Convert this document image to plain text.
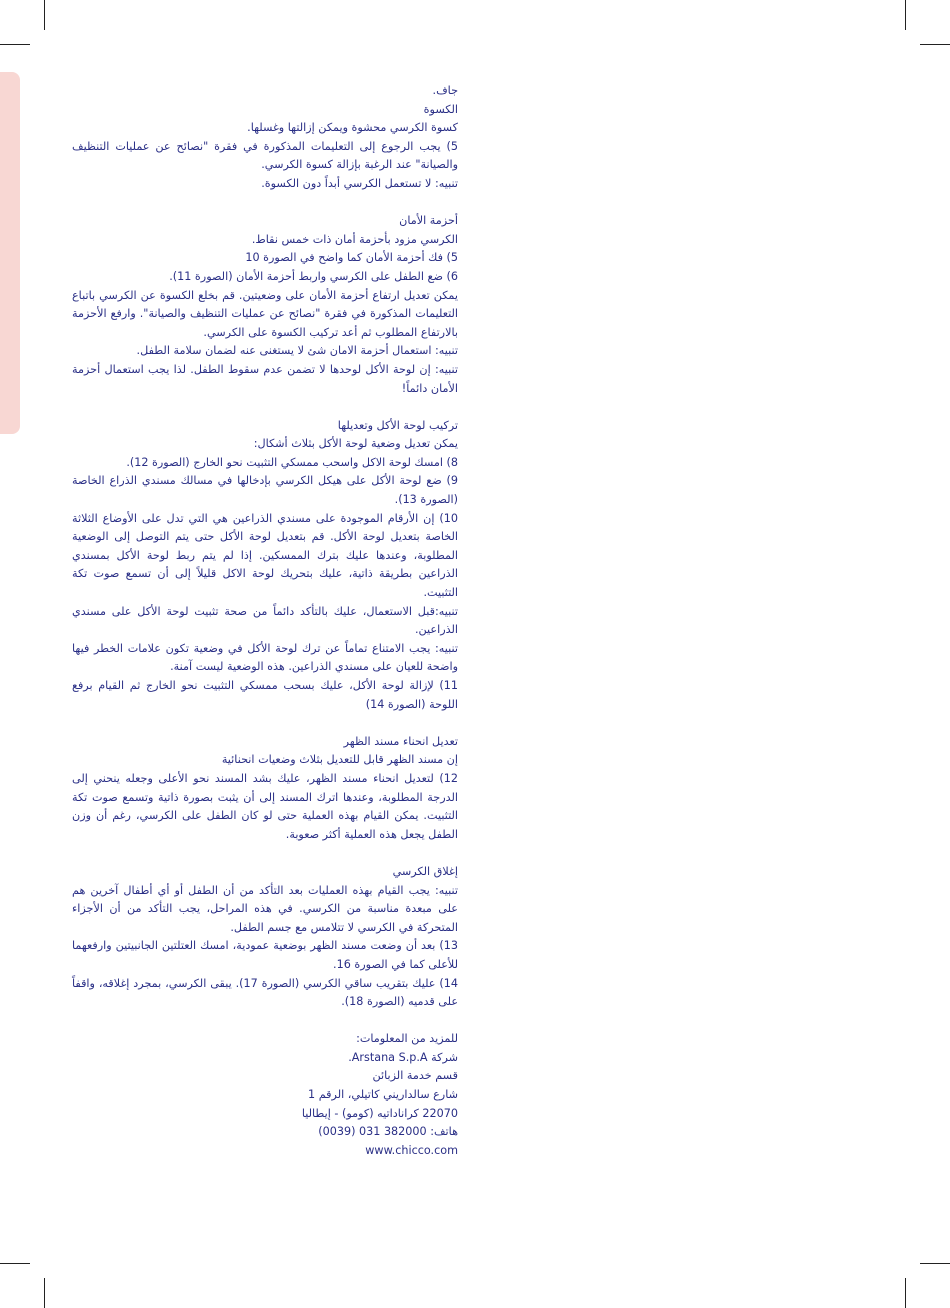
جاف.

الكسوة

كسوة الكرسي محشوة ويمكن إزالتها وغسلها.

5) يجب الرجوع إلى التعليمات المذكورة في فقرة "نصائح عن عمليات التنظيف والصيانة" عند الرغبة بإزالة كسوة الكرسي.

تنبيه: لا تستعمل الكرسي أبداً دون الكسوة.

أحزمة الأمان

الكرسي مزود بأحزمة أمان ذات خمس نقاط.

5) فك أحزمة الأمان كما واضح في الصورة 10

6) ضع الطفل على الكرسي واربط أحزمة الأمان (الصورة 11).

يمكن تعديل ارتفاع أحزمة الأمان على وضعيتين. قم بخلع الكسوة عن الكرسي باتباع التعليمات المذكورة في فقرة "نصائح عن عمليات التنظيف والصيانة". وارفع الأحزمة بالارتفاع المطلوب ثم أعد تركيب الكسوة على الكرسي.

تنبيه: استعمال أحزمة الامان شئ لا يستغنى عنه لضمان سلامة الطفل.

تنبيه: إن لوحة الأكل لوحدها لا تضمن عدم سقوط الطفل. لذا يجب استعمال أحزمة الأمان دائماً!

تركيب لوحة الأكل وتعديلها

يمكن تعديل وضعية لوحة الأكل بثلاث أشكال:

8) امسك لوحة الاكل واسحب ممسكي التثبيت نحو الخارج (الصورة 12).

9) ضع لوحة الأكل على هيكل الكرسي بإدخالها في مسالك مسندي الذراع الخاصة (الصورة 13).

10) إن الأرقام الموجودة على مسندي الذراعين هي التي تدل على الأوضاع الثلاثة الخاصة بتعديل لوحة الأكل. قم بتعديل لوحة الأكل حتى يتم التوصل إلى الوضعية المطلوبة، وعندها عليك بترك الممسكين. إذا لم يتم ربط لوحة الأكل بمسندي الذراعين بطريقة ذاتية، عليك بتحريك لوحة الاكل قليلاً إلى أن تسمع صوت تكة التثبيت.

تنبيه:قبل الاستعمال، عليك بالتأكد دائماً من صحة تثبيت لوحة الأكل على مسندي الذراعين.

تنبيه: يجب الامتناع تماماً عن ترك لوحة الأكل في وضعية تكون علامات الخطر فيها واضحة للعيان على مسندي الذراعين. هذه الوضعية ليست آمنة.

11) لإزالة لوحة الأكل، عليك بسحب ممسكي التثبيت نحو الخارج ثم القيام برفع اللوحة (الصورة 14)

تعديل انحناء مسند الظهر

إن مسند الظهر قابل للتعديل بثلاث وضعيات انحنائية

12) لتعديل انحناء مسند الظهر، عليك بشد المسند نحو الأعلى وجعله ينحني إلى الدرجة المطلوبة، وعندها اترك المسند إلى أن يثبت بصورة ذاتية وتسمع صوت تكة التثبيت. يمكن القيام بهذه العملية حتى لو كان الطفل على الكرسي، رغم أن وزن الطفل يجعل هذه العملية أكثر صعوبة.

إغلاق الكرسي

تنبيه: يجب القيام بهذه العمليات بعد التأكد من أن الطفل أو أي أطفال آخرين هم على مبعدة مناسبة من الكرسي. في هذه المراحل، يجب التأكد من أن الأجزاء المتحركة في الكرسي لا تتلامس مع جسم الطفل.

13) بعد أن وضعت مسند الظهر بوضعية عمودية، امسك العتلتين الجانبيتين وارفعهما للأعلى كما في الصورة 16.

14) عليك بتقريب ساقي الكرسي (الصورة 17). يبقى الكرسي، بمجرد إغلاقه، واقفاً على قدميه (الصورة 18).

للمزيد من المعلومات:

شركة Arstana S.p.A.

قسم خدمة الزبائن

شارع سالداريني كاتيلي، الرقم 1

22070 كراناداتيه (كومو) - إيطاليا

هاتف: 382000 031 (0039)

www.chicco.com
